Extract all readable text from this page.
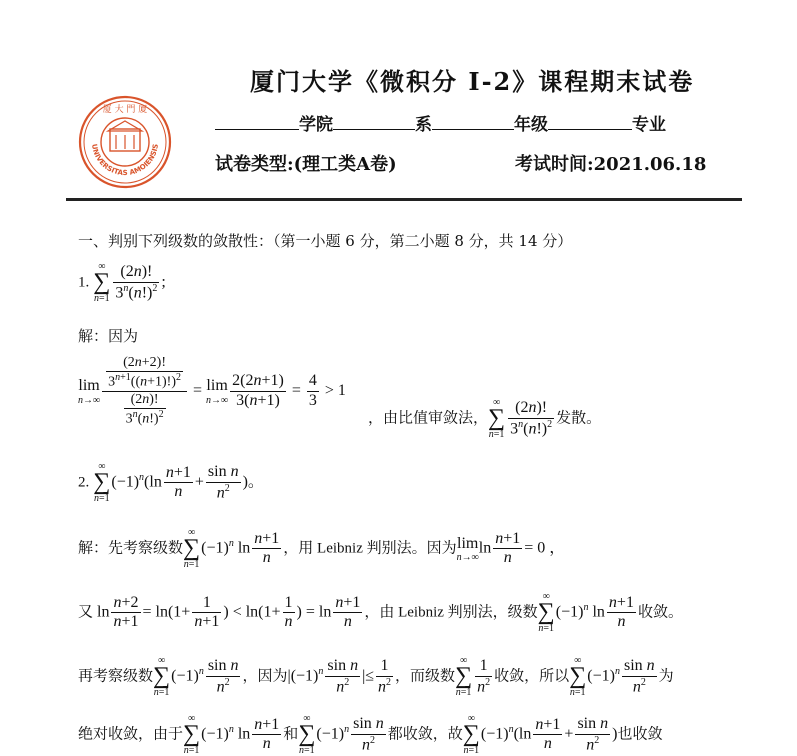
厦 大 門 廈
UNIVERSITAS AMOIENSIS
厦门大学《微积分 I-2》课程期末试卷
学院	系	年级	专业
试卷类型:(理工类A卷)	考试时间:2021.06.18
一、判别下列级数的敛散性：（第一小题 6 分，第二小题 8 分，共 14 分）
1.
∞
∑
$n=1 \frac{(2n)!}{3^n(n!)^2}$ ;
解：因为
lim
$n\to\infty \frac{\frac{(2n+2)!}{3^{n+1}((n+1)!)^2}}{\frac{(2n)!}{3^n(n!)^2}} = \lim$
$n\to\infty \frac{2(2n+1)}{3(n+1)} = \frac{4}{3} > 1$
，由比值审敛法，
∞
∑
$n=1 \frac{(2n)!}{3^n(n!)^2}$ 发散。
2.
∞
∑
n=1
$(-1)^n(\ln \frac{n+1}{n} + \frac{\text{sin n}}{n^2}$ )。
解：先考察级数
∞
∑
n=1
$(-1)^n$ $\ln \frac{n+1}{n}$ ，用 Leibniz 判别法。因为lim
n→∞
$\ln \frac{n+1}{n} = 0$ ，
又 $\ln \frac{n+2}{n+1} = \ln(1+ \frac{1}{n+1}$ ) < $\ln(1+ \frac{1}{n}$ ) = $\ln \frac{n+1}{n}$ ，由 Leibniz 判别法，级数
∞
∑
n=1
$(-1)^n$ $\ln \frac{n+1}{n}$ 收敛。
再考察级数
∞
∑
n=1
$(-1)^n \frac{\text{sin n}}{n^2}$ ，因为$|(-1)^n \frac{\text{sin n}}{n^2}$ |≤ $\frac{1}{n^2}$ ，而级数
∞
∑
$n=1 \frac{1}{n^2}$ 收敛，所以
∞
∑
n=1
$(-1)^n \frac{\text{sin n}}{n^2}$ 为
绝对收敛，由于
∞
∑
n=1
$(-1)^n$ $\ln \frac{n+1}{n}$ 和
∞
∑
n=1
$(-1)^n \frac{\text{sin n}}{n^2}$ 都收敛，故
∞
∑
n=1
$(-1)^n(\ln \frac{n+1}{n} + \frac{\text{sin n}}{n^2}$ )也收敛
